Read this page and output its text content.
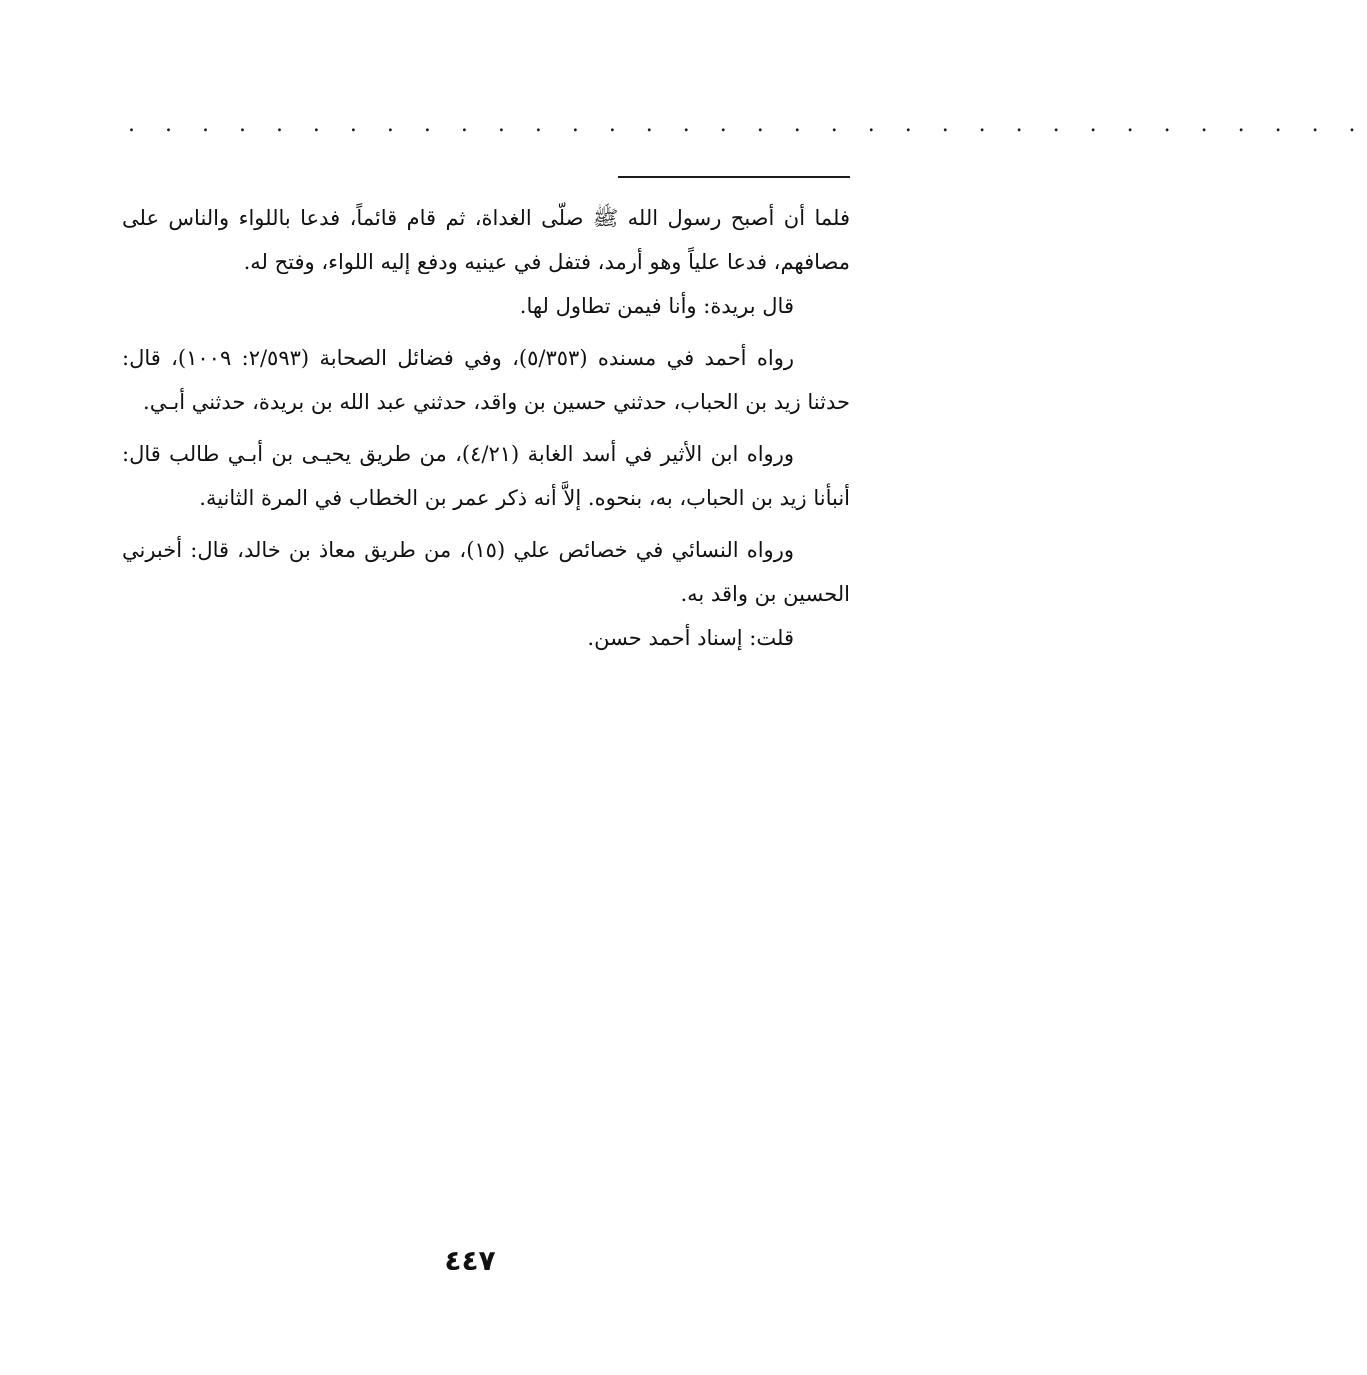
. . . . . . . . . . . . . . . . . . . . . . . . . . . . . . . . . .

فلما أن أصبح رسول الله ﷺ صلّى الغداة، ثم قام قائماً، فدعا باللواء والناس على مصافهم، فدعا علياً وهو أرمد، فتفل في عينيه ودفع إليه اللواء، وفتح له.

قال بريدة: وأنا فيمن تطاول لها.

رواه أحمد في مسنده (٥/٣٥٣)، وفي فضائل الصحابة (٢/٥٩٣: ١٠٠٩)، قال: حدثنا زيد بن الحباب، حدثني حسين بن واقد، حدثني عبد الله بن بريدة، حدثني أبـي.

ورواه ابن الأثير في أسد الغابة (٤/٢١)، من طريق يحيـى بن أبـي طالب قال: أنبأنا زيد بن الحباب، به، بنحوه. إلاَّ أنه ذكر عمر بن الخطاب في المرة الثانية.

ورواه النسائي في خصائص علي (١٥)، من طريق معاذ بن خالد، قال: أخبرني الحسين بن واقد به.

قلت: إسناد أحمد حسن.

٤٤٧
